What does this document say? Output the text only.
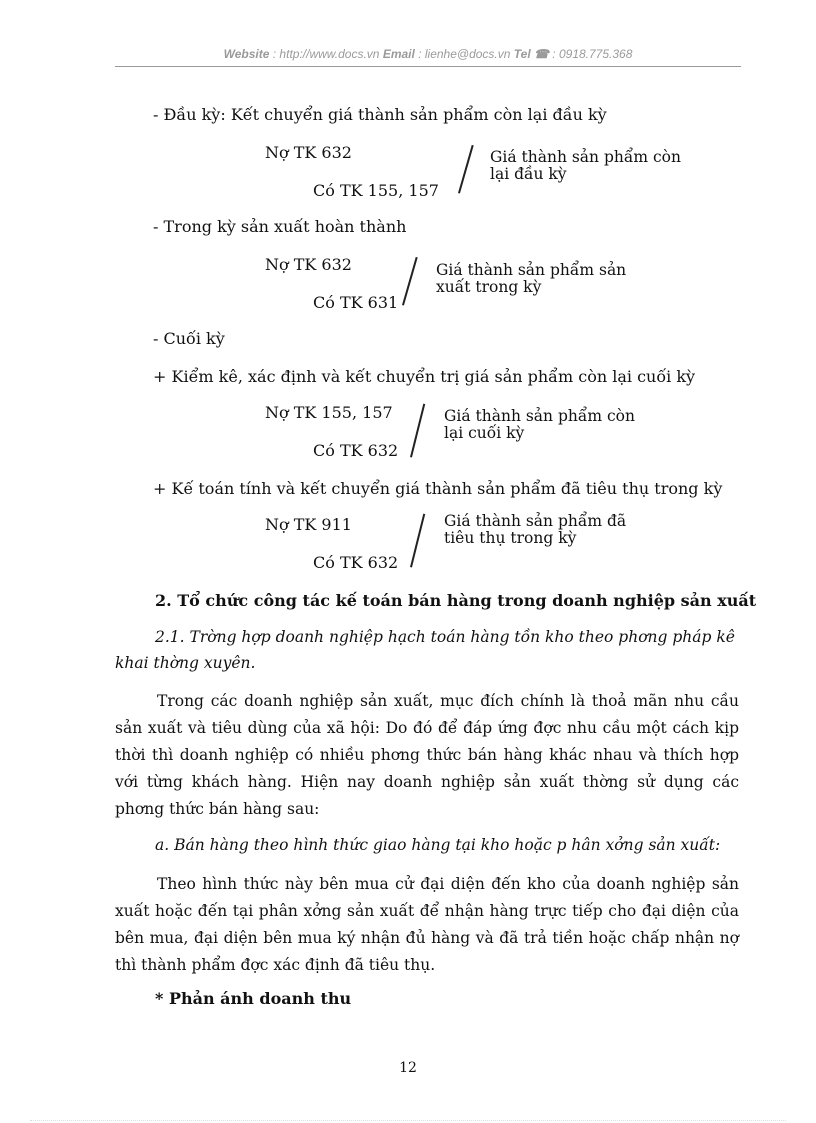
Website : http://www.docs.vn Email : lienhe@docs.vn Tel ☎ : 0918.775.368
- Đầu kỳ: Kết chuyển giá thành sản phẩm còn lại đầu kỳ
Nợ TK 632
Có TK 155, 157
Giá thành sản phẩm còn lại đầu kỳ
- Trong kỳ sản xuất hoàn thành
Nợ TK 632
Có TK 631
Giá thành sản phẩm sản xuất trong kỳ
- Cuối kỳ
+ Kiểm kê, xác định và kết chuyển trị giá sản phẩm còn lại cuối kỳ
Nợ TK 155, 157
Có TK 632
Giá thành sản phẩm còn lại cuối kỳ
+ Kế toán tính và kết chuyển giá thành sản phẩm đã tiêu thụ trong kỳ
Nợ TK 911
Có TK 632
Giá thành sản phẩm đã tiêu thụ trong kỳ
2. Tổ chức công tác kế toán bán hàng trong doanh nghiệp sản xuất
2.1. Trờng hợp doanh nghiệp hạch toán hàng tồn kho theo phơng pháp kê
khai thờng xuyên.
Trong các doanh nghiệp sản xuất, mục đích chính là thoả mãn nhu cầu sản xuất và tiêu dùng của xã hội: Do đó để đáp ứng đợc nhu cầu một cách kịp thời thì doanh nghiệp có nhiều phơng thức bán hàng khác nhau và thích hợp với từng khách hàng. Hiện nay doanh nghiệp sản xuất thờng sử dụng các phơng thức bán hàng sau:
a. Bán hàng theo hình thức giao hàng tại kho hoặc p hân xởng sản xuất:
Theo hình thức này bên mua cử đại diện đến kho của doanh nghiệp sản xuất hoặc đến tại phân xởng sản xuất để nhận hàng trực tiếp cho đại diện của bên mua, đại diện bên mua ký nhận đủ hàng và đã trả tiền hoặc chấp nhận nợ thì thành phẩm đợc xác định đã tiêu thụ.
* Phản ánh doanh thu
12
